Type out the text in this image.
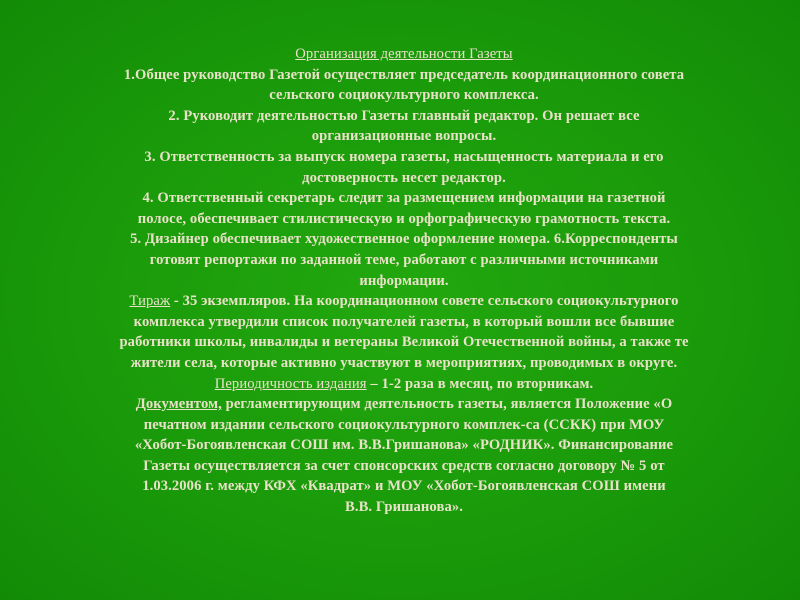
Организация деятельности Газеты
1.Общее руководство Газетой осуществляет председатель координационного совета
сельского социокультурного комплекса.
2. Руководит деятельностью Газеты главный редактор. Он решает все
организационные вопросы.
3. Ответственность за выпуск номера газеты, насыщенность материала и его
достоверность несет редактор.
4. Ответственный секретарь следит за размещением информации на газетной
полосе, обеспечивает стилистическую и орфографическую грамотность текста.
5. Дизайнер обеспечивает художественное оформление номера. 6.Корреспонденты
готовят репортажи по заданной теме, работают с различными источниками
информации.
Тираж - 35 экземпляров. На координационном совете сельского социокультурного
комплекса утвердили список получателей газеты, в который вошли все бывшие
работники школы, инвалиды и ветераны Великой Отечественной войны, а также те
жители села, которые активно участвуют в мероприятиях, проводимых в округе.
Периодичность издания – 1-2 раза в месяц, по вторникам.
Документом, регламентирующим деятельность газеты, является Положение «О
печатном издании сельского социокультурного комплек-са (ССКК) при МОУ
«Хобот-Богоявленская СОШ им. В.В.Гришанова» «РОДНИК». Финансирование
Газеты осуществляется за счет спонсорских средств согласно договору № 5 от
1.03.2006 г. между КФХ «Квадрат» и МОУ «Хобот-Богоявленская СОШ имени
В.В. Гришанова».
